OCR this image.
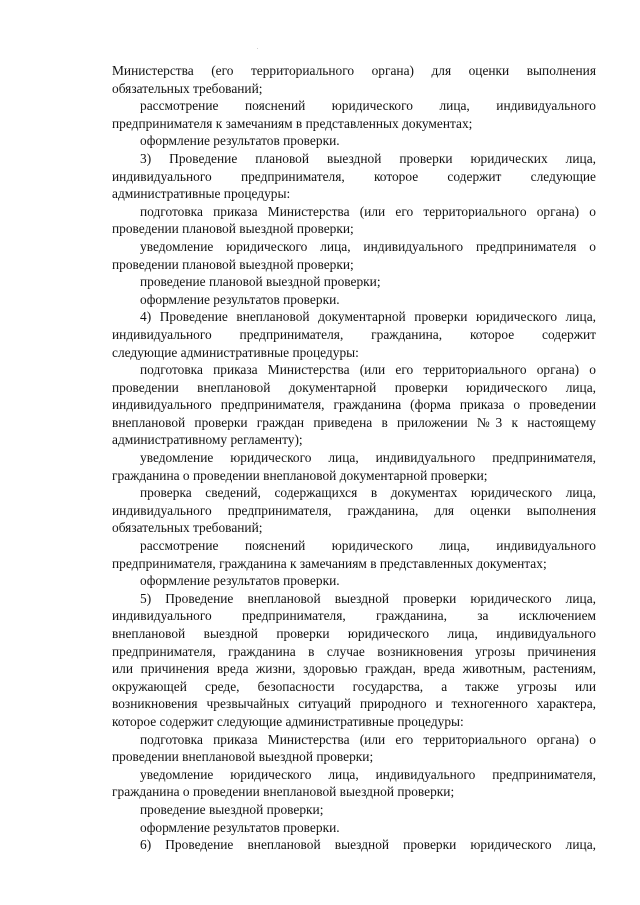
Министерства (его территориального органа) для оценки выполнения
обязательных требований;
рассмотрение пояснений юридического лица, индивидуального
предпринимателя к замечаниям в представленных документах;
оформление результатов проверки.
3) Проведение плановой выездной проверки юридических лица,
индивидуального предпринимателя, которое содержит следующие
административные процедуры:
подготовка приказа Министерства (или его территориального органа) о
проведении плановой выездной проверки;
уведомление юридического лица, индивидуального предпринимателя о
проведении плановой выездной проверки;
проведение плановой выездной проверки;
оформление результатов проверки.
4) Проведение внеплановой документарной проверки юридического лица,
индивидуального предпринимателя, гражданина, которое содержит
следующие административные процедуры:
подготовка приказа Министерства (или его территориального органа) о
проведении внеплановой документарной проверки юридического лица,
индивидуального предпринимателя, гражданина (форма приказа о проведении
внеплановой проверки граждан приведена в приложении №3 к настоящему
административному регламенту);
уведомление юридического лица, индивидуального предпринимателя,
гражданина о проведении внеплановой документарной проверки;
проверка сведений, содержащихся в документах юридического лица,
индивидуального предпринимателя, гражданина, для оценки выполнения
обязательных требований;
рассмотрение пояснений юридического лица, индивидуального
предпринимателя, гражданина к замечаниям в представленных документах;
оформление результатов проверки.
5) Проведение внеплановой выездной проверки юридического лица,
индивидуального предпринимателя, гражданина, за исключением
внеплановой выездной проверки юридического лица, индивидуального
предпринимателя, гражданина в случае возникновения угрозы причинения
или причинения вреда жизни, здоровью граждан, вреда животным, растениям,
окружающей среде, безопасности государства, а также угрозы или
возникновения чрезвычайных ситуаций природного и техногенного характера,
которое содержит следующие административные процедуры:
подготовка приказа Министерства (или его территориального органа) о
проведении внеплановой выездной проверки;
уведомление юридического лица, индивидуального предпринимателя,
гражданина о проведении внеплановой выездной проверки;
проведение выездной проверки;
оформление результатов проверки.
6) Проведение внеплановой выездной проверки юридического лица,
